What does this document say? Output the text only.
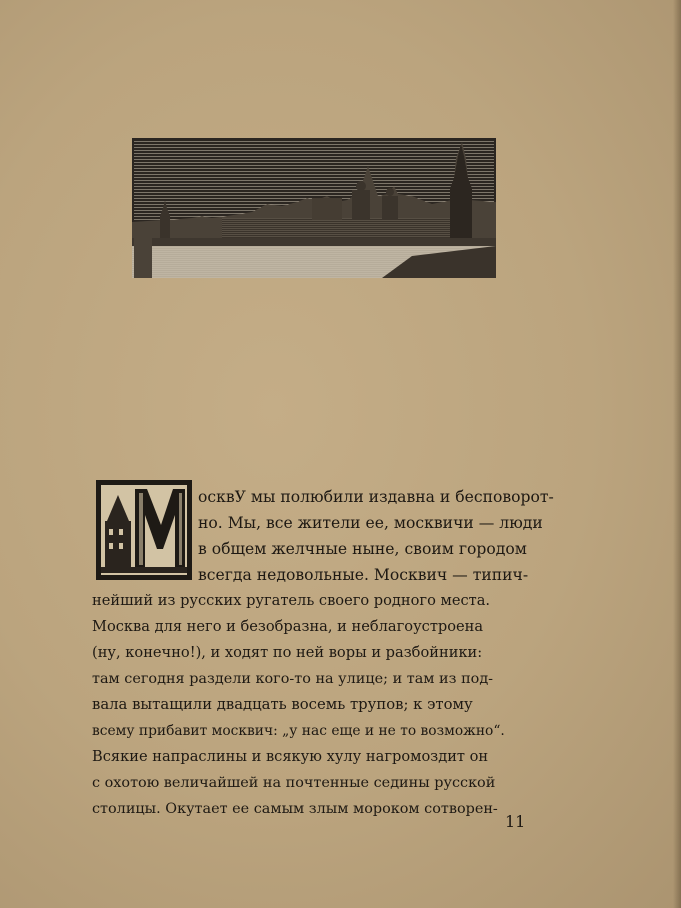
осквУ мы полюбили издавна и бесповорот-
но. Мы, все жители ее, москвичи — люди
в общем желчные ныне, своим городом
всегда недовольные. Москвич — типич-
нейший из русских ругатель своего родного места.
Москва для него и безобразна, и неблагоустроена
(ну, конечно!), и ходят по ней воры и разбойники:
там сегодня раздели кого-то на улице; и там из под-
вала вытащили двадцать восемь трупов; к этому
всему прибавит москвич: „у нас еще и не то возможно“.
Всякие напраслины и всякую хулу нагромоздит он
с охотою величайшей на почтенные седины русской
столицы. Окутает ее самым злым мороком сотворен-
11
